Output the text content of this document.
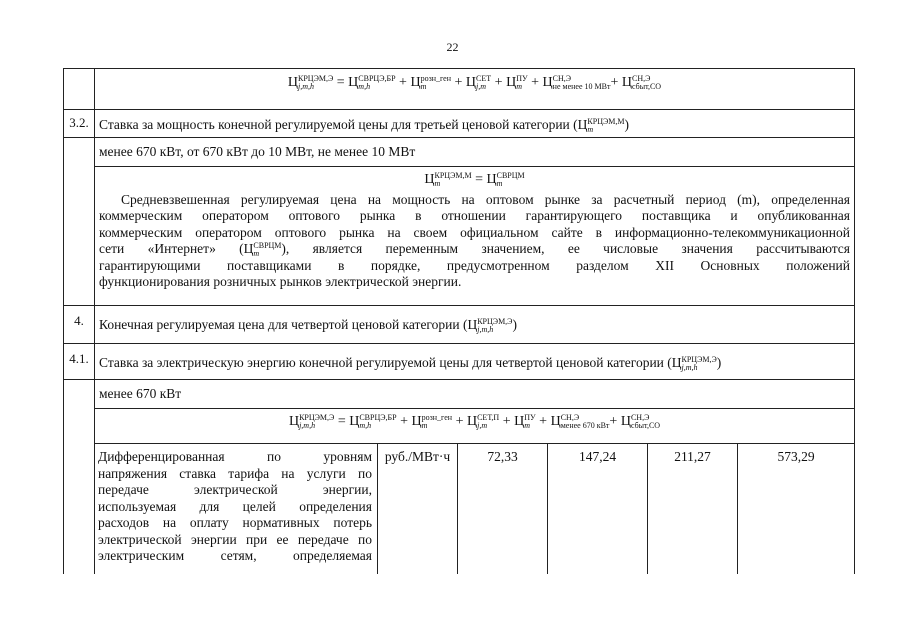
22
Ц КРЦЭМ,Э
j,m,h	= Ц СВРЦЭ,БР
m,h	+ Ц розн_ген
m	+ Ц СЕТ
j,m + Ц ПУ
m + Ц СН,Э
не менее 10 МВт + Ц СН,Э
сбыт,СО
3.2. Ставка за мощность конечной регулируемой цены для третьей ценовой категории (Ц КРЦЭМ,М
m	)
менее 670 кВт, от 670 кВт до 10 МВт, не менее 10 МВт
Ц КРЦЭМ,М
m	= Ц СВРЦМ
m
Средневзвешенная регулируемая цена на мощность на оптовом рынке за расчетный период (m), определенная
коммерческим оператором оптового рынка в отношении гарантирующего поставщика и опубликованная
коммерческим оператором оптового рынка на своем официальном сайте в информационно-телекоммуникационной
сети «Интернет» (Ц СВРЦМ
m	), является переменным значением, ее числовые значения рассчитываются
гарантирующими поставщиками в порядке, предусмотренном разделом XII Основных положений
функционирования розничных рынков электрической энергии.
4.	Конечная регулируемая цена для четвертой ценовой категории (Ц КРЦЭМ,Э
j,m,h	)
4.1. Ставка за электрическую энергию конечной регулируемой цены для четвертой ценовой категории (Ц КРЦЭМ,Э
j,m,h	)
менее 670 кВт
Ц КРЦЭМ,Э
j,m,h	= Ц СВРЦЭ,БР
m,h	+ Ц розн_ген
m	+ Ц СЕТ,П
j,m + Ц ПУ
m + Ц СН,Э
менее 670 кВт + Ц СН,Э
сбыт,СО
Дифференцированная по уровням
напряжения ставка тарифа на услуги по
передаче электрической энергии,
используемая для целей определения
расходов на оплату нормативных потерь
электрической энергии при ее передаче по
электрическим сетям, определяемая
руб./МВт·ч	72,33	147,24	211,27	573,29
